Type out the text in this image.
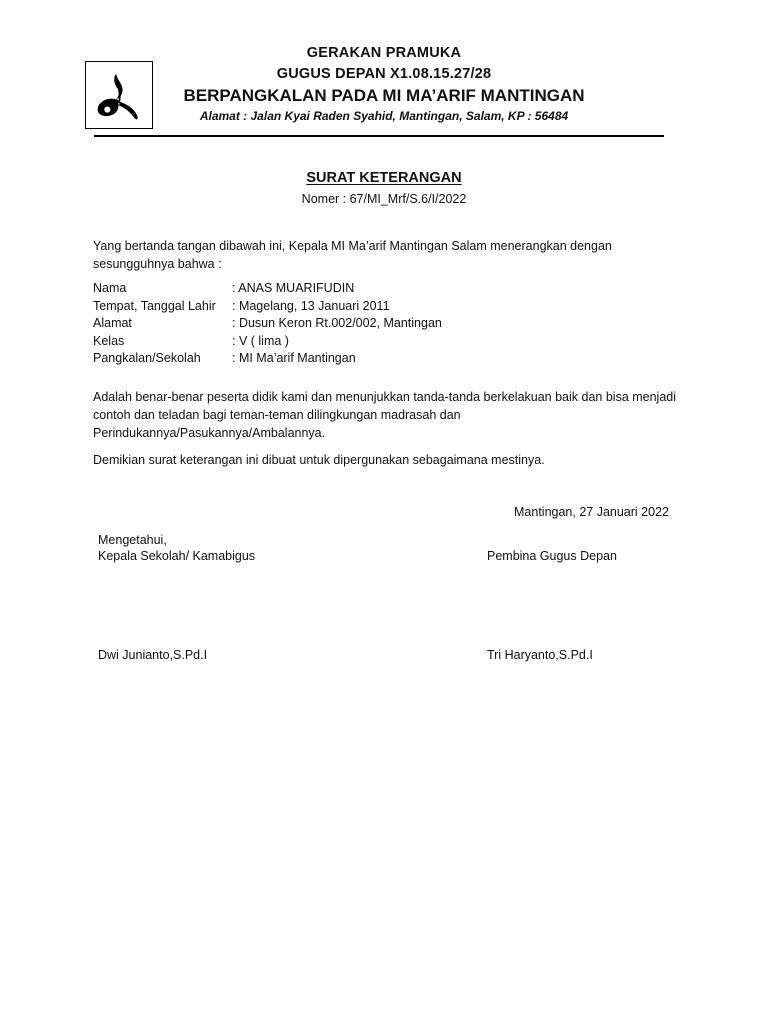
GERAKAN PRAMUKA
GUGUS DEPAN X1.08.15.27/28
BERPANGKALAN PADA MI MA’ARIF MANTINGAN
Alamat : Jalan Kyai Raden Syahid, Mantingan, Salam, KP : 56484
SURAT KETERANGAN
Nomer : 67/MI_Mrf/S.6/I/2022
Yang bertanda tangan dibawah ini, Kepala MI Ma’arif Mantingan Salam menerangkan dengan sesungguhnya bahwa :
Nama	: ANAS MUARIFUDIN
Tempat, Tanggal Lahir : Magelang, 13 Januari 2011
Alamat	: Dusun Keron Rt.002/002, Mantingan
Kelas	: V ( lima )
Pangkalan/Sekolah	: MI Ma’arif Mantingan
Adalah benar-benar peserta didik kami dan menunjukkan tanda-tanda berkelakuan baik dan bisa menjadi contoh dan teladan bagi teman-teman dilingkungan madrasah dan Perindukannya/Pasukannya/Ambalannya.
Demikian surat keterangan ini dibuat untuk dipergunakan sebagaimana mestinya.
Mantingan, 27 Januari 2022
Mengetahui,
Kepala Sekolah/ Kamabigus	Pembina Gugus Depan
Dwi Junianto,S.Pd.I	Tri Haryanto,S.Pd.I
